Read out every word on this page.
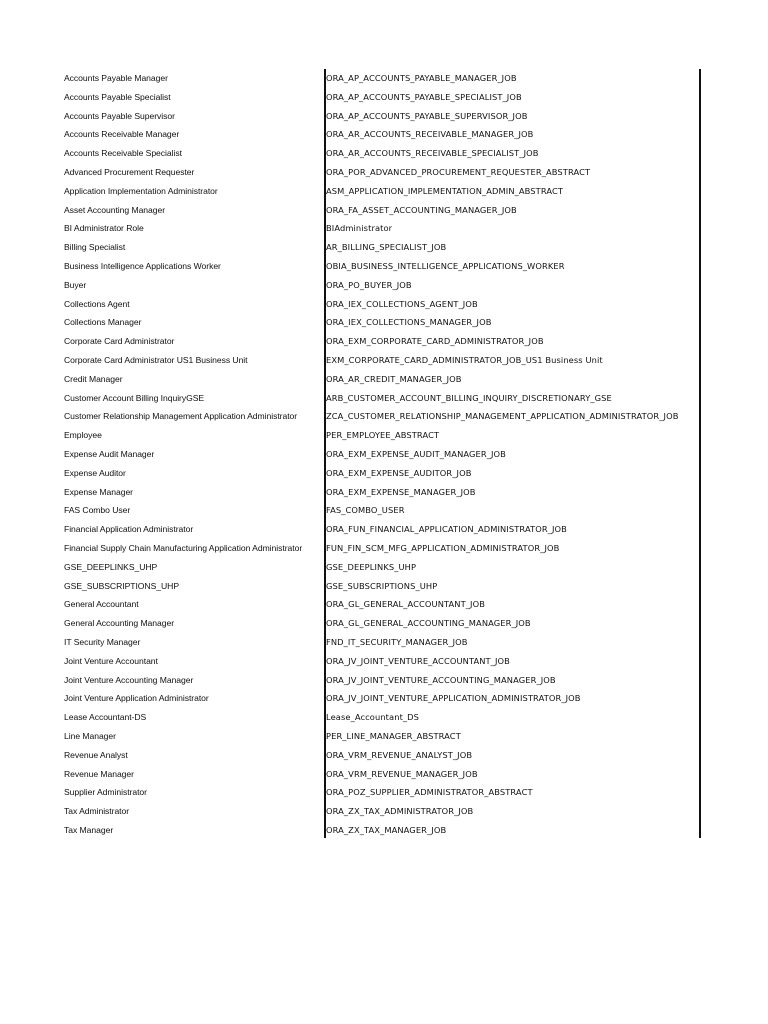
Accounts Payable Manager	ORA_AP_ACCOUNTS_PAYABLE_MANAGER_JOB
Accounts Payable Specialist	ORA_AP_ACCOUNTS_PAYABLE_SPECIALIST_JOB
Accounts Payable Supervisor	ORA_AP_ACCOUNTS_PAYABLE_SUPERVISOR_JOB
Accounts Receivable Manager	ORA_AR_ACCOUNTS_RECEIVABLE_MANAGER_JOB
Accounts Receivable Specialist	ORA_AR_ACCOUNTS_RECEIVABLE_SPECIALIST_JOB
Advanced Procurement Requester	ORA_POR_ADVANCED_PROCUREMENT_REQUESTER_ABSTRACT
Application Implementation Administrator	ASM_APPLICATION_IMPLEMENTATION_ADMIN_ABSTRACT
Asset Accounting Manager	ORA_FA_ASSET_ACCOUNTING_MANAGER_JOB
BI Administrator Role	BIAdministrator
Billing Specialist	AR_BILLING_SPECIALIST_JOB
Business Intelligence Applications Worker	OBIA_BUSINESS_INTELLIGENCE_APPLICATIONS_WORKER
Buyer	ORA_PO_BUYER_JOB
Collections Agent	ORA_IEX_COLLECTIONS_AGENT_JOB
Collections Manager	ORA_IEX_COLLECTIONS_MANAGER_JOB
Corporate Card Administrator	ORA_EXM_CORPORATE_CARD_ADMINISTRATOR_JOB
Corporate Card Administrator US1 Business Unit	EXM_CORPORATE_CARD_ADMINISTRATOR_JOB_US1 Business Unit
Credit Manager	ORA_AR_CREDIT_MANAGER_JOB
Customer Account Billing InquiryGSE	ARB_CUSTOMER_ACCOUNT_BILLING_INQUIRY_DISCRETIONARY_GSE
Customer Relationship Management Application Administrator	ZCA_CUSTOMER_RELATIONSHIP_MANAGEMENT_APPLICATION_ADMINISTRATOR_JOB
Employee	PER_EMPLOYEE_ABSTRACT
Expense Audit Manager	ORA_EXM_EXPENSE_AUDIT_MANAGER_JOB
Expense Auditor	ORA_EXM_EXPENSE_AUDITOR_JOB
Expense Manager	ORA_EXM_EXPENSE_MANAGER_JOB
FAS Combo User	FAS_COMBO_USER
Financial Application Administrator	ORA_FUN_FINANCIAL_APPLICATION_ADMINISTRATOR_JOB
Financial Supply Chain Manufacturing Application Administrator	FUN_FIN_SCM_MFG_APPLICATION_ADMINISTRATOR_JOB
GSE_DEEPLINKS_UHP	GSE_DEEPLINKS_UHP
GSE_SUBSCRIPTIONS_UHP	GSE_SUBSCRIPTIONS_UHP
General Accountant	ORA_GL_GENERAL_ACCOUNTANT_JOB
General Accounting Manager	ORA_GL_GENERAL_ACCOUNTING_MANAGER_JOB
IT Security Manager	FND_IT_SECURITY_MANAGER_JOB
Joint Venture Accountant	ORA_JV_JOINT_VENTURE_ACCOUNTANT_JOB
Joint Venture Accounting Manager	ORA_JV_JOINT_VENTURE_ACCOUNTING_MANAGER_JOB
Joint Venture Application Administrator	ORA_JV_JOINT_VENTURE_APPLICATION_ADMINISTRATOR_JOB
Lease Accountant-DS	Lease_Accountant_DS
Line Manager	PER_LINE_MANAGER_ABSTRACT
Revenue Analyst	ORA_VRM_REVENUE_ANALYST_JOB
Revenue Manager	ORA_VRM_REVENUE_MANAGER_JOB
Supplier Administrator	ORA_POZ_SUPPLIER_ADMINISTRATOR_ABSTRACT
Tax Administrator	ORA_ZX_TAX_ADMINISTRATOR_JOB
Tax Manager	ORA_ZX_TAX_MANAGER_JOB
